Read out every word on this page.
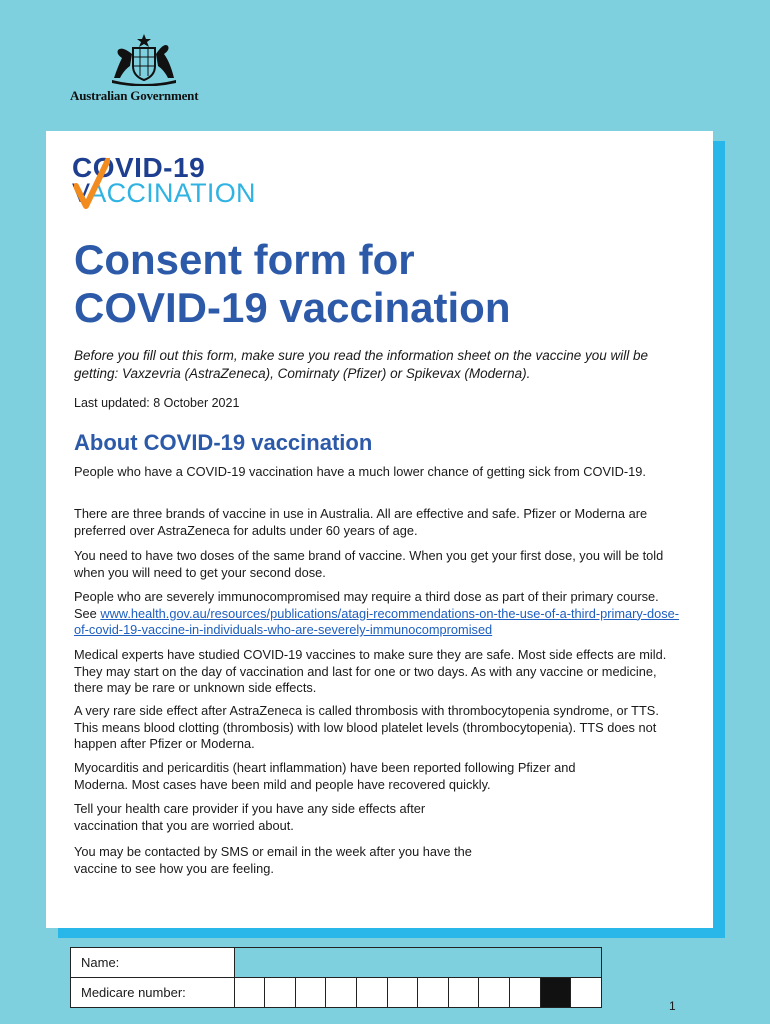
Australian Government
COVID-19
VACCINATION
Consent form for
COVID-19 vaccination

Before you fill out this form, make sure you read the information sheet on the vaccine you will be getting: Vaxzevria (AstraZeneca), Comirnaty (Pfizer) or Spikevax (Moderna).

Last updated: 8 October 2021

About COVID-19 vaccination

People who have a COVID-19 vaccination have a much lower chance of getting sick from COVID-19.

There are three brands of vaccine in use in Australia. All are effective and safe. Pfizer or Moderna are preferred over AstraZeneca for adults under 60 years of age.

You need to have two doses of the same brand of vaccine. When you get your first dose, you will be told when you will need to get your second dose.

People who are severely immunocompromised may require a third dose as part of their primary course. See www.health.gov.au/resources/publications/atagi-recommendations-on-the-use-of-a-third-primary-dose-of-covid-19-vaccine-in-individuals-who-are-severely-immunocompromised

Medical experts have studied COVID-19 vaccines to make sure they are safe. Most side effects are mild. They may start on the day of vaccination and last for one or two days. As with any vaccine or medicine, there may be rare or unknown side effects.

A very rare side effect after AstraZeneca is called thrombosis with thrombocytopenia syndrome, or TTS. This means blood clotting (thrombosis) with low blood platelet levels (thrombocytopenia). TTS does not happen after Pfizer or Moderna.

Myocarditis and pericarditis (heart inflammation) have been reported following Pfizer and Moderna. Most cases have been mild and people have recovered quickly.

Tell your health care provider if you have any side effects after vaccination that you are worried about.

You may be contacted by SMS or email in the week after you have the vaccine to see how you are feeling.

Name:												
Medicare number:												
1
